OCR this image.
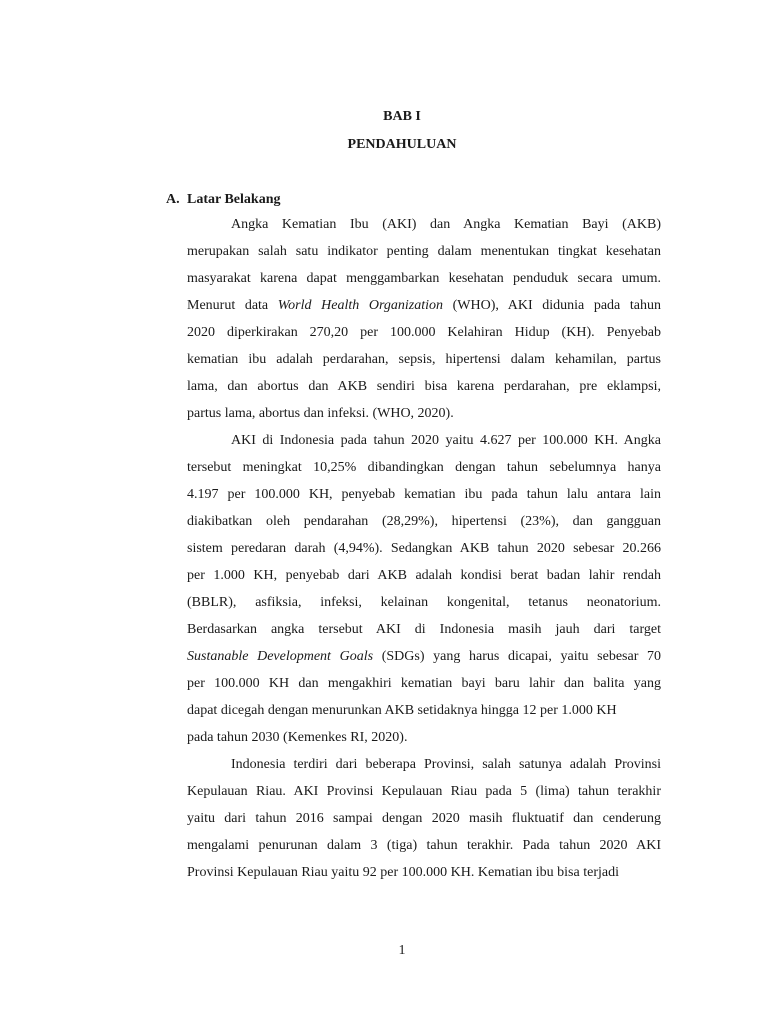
BAB I
PENDAHULUAN
A. Latar Belakang
Angka Kematian Ibu (AKI) dan Angka Kematian Bayi (AKB)
merupakan salah satu indikator penting dalam menentukan tingkat kesehatan
masyarakat karena dapat menggambarkan kesehatan penduduk secara umum.
Menurut data World Health Organization (WHO), AKI didunia pada tahun
2020 diperkirakan 270,20 per 100.000 Kelahiran Hidup (KH). Penyebab
kematian ibu adalah perdarahan, sepsis, hipertensi dalam kehamilan, partus
lama, dan abortus dan AKB sendiri bisa karena perdarahan, pre eklampsi,
partus lama, abortus dan infeksi. (WHO, 2020).
AKI di Indonesia pada tahun 2020 yaitu 4.627 per 100.000 KH. Angka
tersebut meningkat 10,25% dibandingkan dengan tahun sebelumnya hanya
4.197 per 100.000 KH, penyebab kematian ibu pada tahun lalu antara lain
diakibatkan oleh pendarahan (28,29%), hipertensi (23%), dan gangguan
sistem peredaran darah (4,94%). Sedangkan AKB tahun 2020 sebesar 20.266
per 1.000 KH, penyebab dari AKB adalah kondisi berat badan lahir rendah
(BBLR), asfiksia, infeksi, kelainan kongenital, tetanus neonatorium.
Berdasarkan angka tersebut AKI di Indonesia masih jauh dari target
Sustanable Development Goals (SDGs) yang harus dicapai, yaitu sebesar 70
per 100.000 KH dan mengakhiri kematian bayi baru lahir dan balita yang
dapat dicegah dengan menurunkan AKB setidaknya hingga 12 per 1.000 KH
pada tahun 2030 (Kemenkes RI, 2020).
Indonesia terdiri dari beberapa Provinsi, salah satunya adalah Provinsi
Kepulauan Riau. AKI Provinsi Kepulauan Riau pada 5 (lima) tahun terakhir
yaitu dari tahun 2016 sampai dengan 2020 masih fluktuatif dan cenderung
mengalami penurunan dalam 3 (tiga) tahun terakhir. Pada tahun 2020 AKI
Provinsi Kepulauan Riau yaitu 92 per 100.000 KH. Kematian ibu bisa terjadi
1
